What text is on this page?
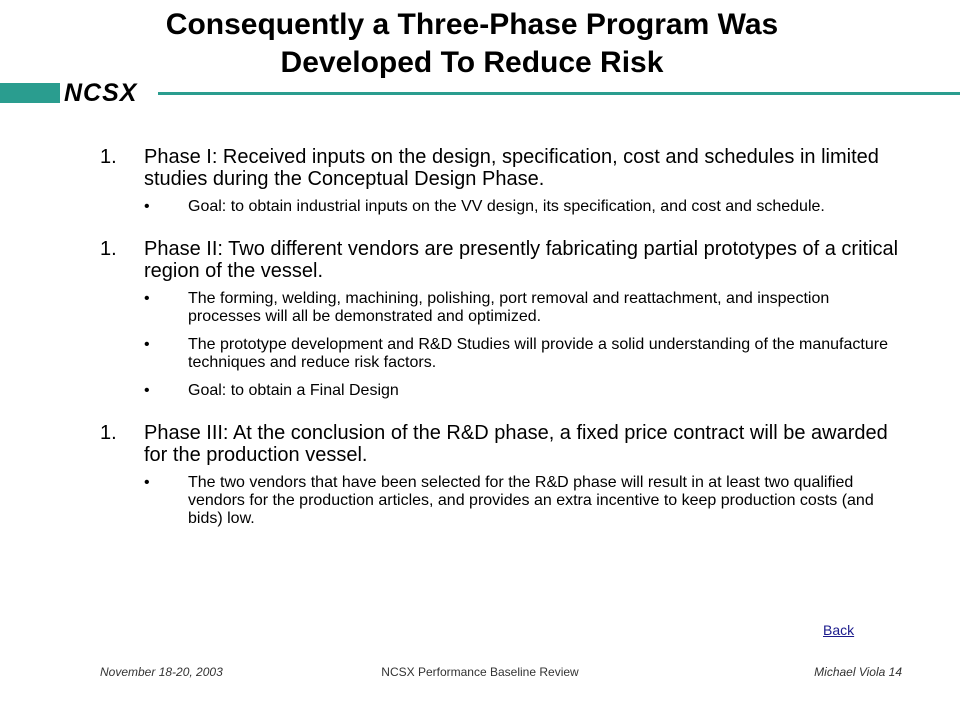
Consequently a Three-Phase Program Was
Developed To Reduce Risk
NCSX
1.	Phase I: Received inputs on the design, specification, cost and schedules in limited studies during the Conceptual Design Phase.
•	Goal: to obtain industrial inputs on the VV design, its specification, and cost and schedule.
1.	Phase II: Two different vendors are presently fabricating partial prototypes of a critical region of the vessel.
•	The forming, welding, machining, polishing, port removal and reattachment, and inspection processes will all be demonstrated and optimized.
•	The prototype development and R&D Studies will provide a solid understanding of the manufacture techniques and reduce risk factors.
•	Goal: to obtain a Final Design
1.	Phase III: At the conclusion of the R&D phase, a fixed price contract will be awarded for the production vessel.
•	The two vendors that have been selected for the R&D phase will result in at least two qualified vendors for the production articles, and provides an extra incentive to keep production costs (and bids) low.
Back
November 18-20, 2003	NCSX Performance Baseline Review	Michael Viola 14
